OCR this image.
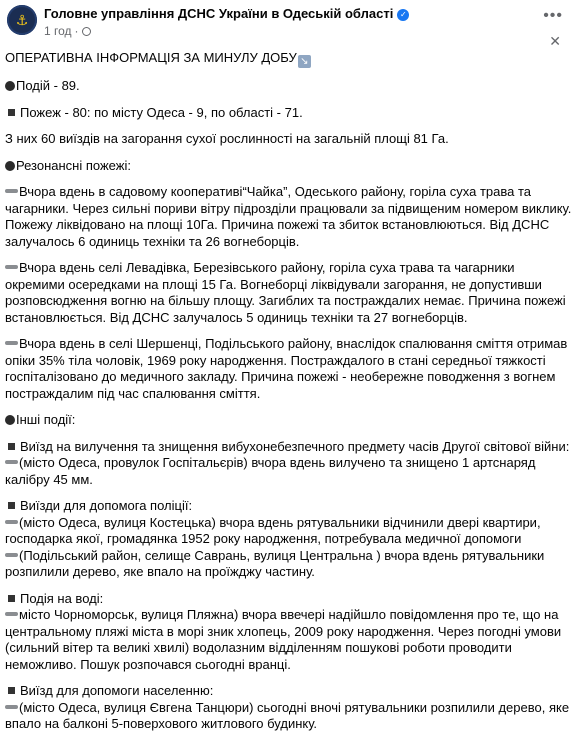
⚓ Головне управління ДСНС України в Одеській області ✓
1 год ·
•••
✕

ОПЕРАТИВНА ІНФОРМАЦІЯ ЗА МИНУЛУ ДОБУ ↘

Подій - 89.

Пожеж - 80: по місту Одеса - 9, по області - 71.

З них 60 виїздів на загорання сухої рослинності на загальній площі 81 Га.

Резонансні пожежі:

Вчора вдень в садовому кооперативі“Чайка”, Одеського району, горіла суха трава та чагарники. Через сильні пориви вітру підрозділи працювали за підвищеним номером виклику. Пожежу ліквідовано на площі 10Га. Причина пожежі та збиток встановлюються. Від ДСНС залучалось 6 одиниць техніки та 26 вогнеборців.

Вчора вдень селі Левадівка, Березівського району, горіла суха трава та чагарники окремими осередками на площі 15 Га. Вогнеборці ліквідували загорання, не допустивши розповсюдження вогню на більшу площу. Загиблих та постраждалих немає. Причина пожежі встановлюється. Від ДСНС залучалось 5 одиниць техніки та 27 вогнеборців.

Вчора вдень в селі Шершенці, Подільського району, внаслідок спалювання сміття отримав опіки 35% тіла чоловік, 1969 року народження. Постраждалого в стані середньої тяжкості госпіталізовано до медичного закладу. Причина пожежі - необережне поводження з вогнем постраждалим під час спалювання сміття.

Інші події:

Виїзд на вилучення та знищення вибухонебезпечного предмету часів Другої світової війни:

(місто Одеса, провулок Госпітальєрів) вчора вдень вилучено та знищено 1 артснаряд калібру 45 мм.

Виїзди для допомога поліції:

(місто Одеса, вулиця Костецька) вчора вдень рятувальники відчинили двері квартири, господарка якої, громадянка 1952 року народження, потребувала медичної допомоги

(Подільський район, селище Саврань, вулиця Центральна ) вчора вдень рятувальники розпилили дерево, яке впало на проїжджу частину.

Подія на воді:

місто Чорноморськ, вулиця Пляжна) вчора ввечері надійшло повідомлення про те, що на центральному пляжі міста в морі зник хлопець, 2009 року народження. Через погодні умови (сильний вітер та великі хвилі) водолазним відділенням пошукові роботи проводити неможливо. Пошук розпочався сьогодні вранці.

Виїзд для допомоги населенню:

(місто Одеса, вулиця Євгена Танцюри) сьогодні вночі рятувальники розпилили дерево, яке впало на балконі 5-поверхового житлового будинку.
